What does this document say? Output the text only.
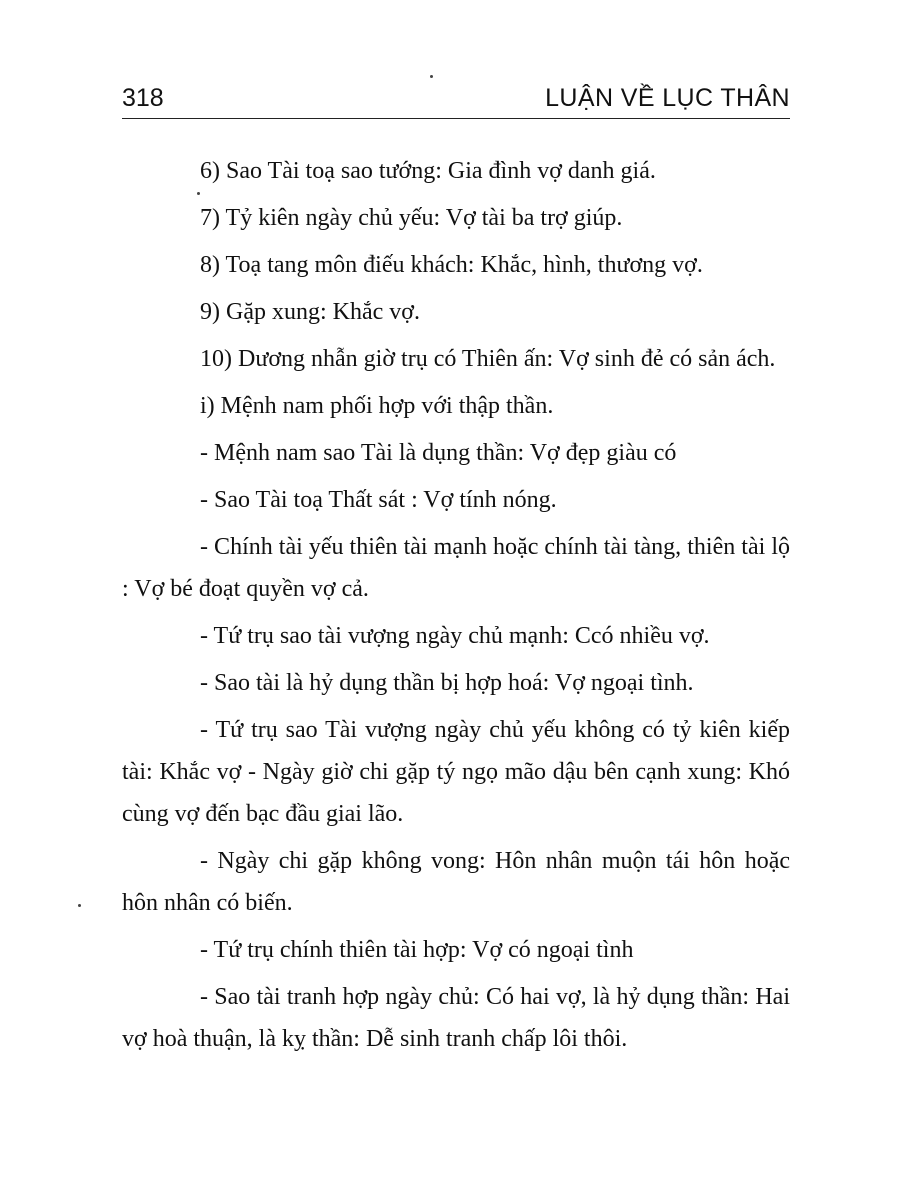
318	LUẬN VỀ LỤC THÂN

6) Sao Tài toạ sao tướng: Gia đình vợ danh giá.

7) Tỷ kiên ngày chủ yếu: Vợ tài ba trợ giúp.

8) Toạ tang môn điếu khách: Khắc, hình, thương vợ.

9) Gặp xung: Khắc vợ.

10) Dương nhẫn giờ trụ có Thiên ấn: Vợ sinh đẻ có sản ách.

i) Mệnh nam phối hợp với thập thần.

- Mệnh nam sao Tài là dụng thần: Vợ đẹp giàu có

- Sao Tài toạ Thất sát : Vợ tính nóng.

- Chính tài yếu thiên tài mạnh hoặc chính tài tàng, thiên tài lộ : Vợ bé đoạt quyền vợ cả.

- Tứ trụ sao tài vượng ngày chủ mạnh: Ccó nhiều vợ.

- Sao tài là hỷ dụng thần bị hợp hoá: Vợ ngoại tình.

- Tứ trụ sao Tài vượng ngày chủ yếu không có tỷ kiên kiếp tài: Khắc vợ - Ngày giờ chi gặp tý ngọ mão dậu bên cạnh xung: Khó cùng vợ đến bạc đầu giai lão.

- Ngày chi gặp không vong: Hôn nhân muộn tái hôn hoặc hôn nhân có biến.

- Tứ trụ chính thiên tài hợp: Vợ có ngoại tình

- Sao tài tranh hợp ngày chủ: Có hai vợ, là hỷ dụng thần: Hai vợ hoà thuận, là kỵ thần: Dễ sinh tranh chấp lôi thôi.
